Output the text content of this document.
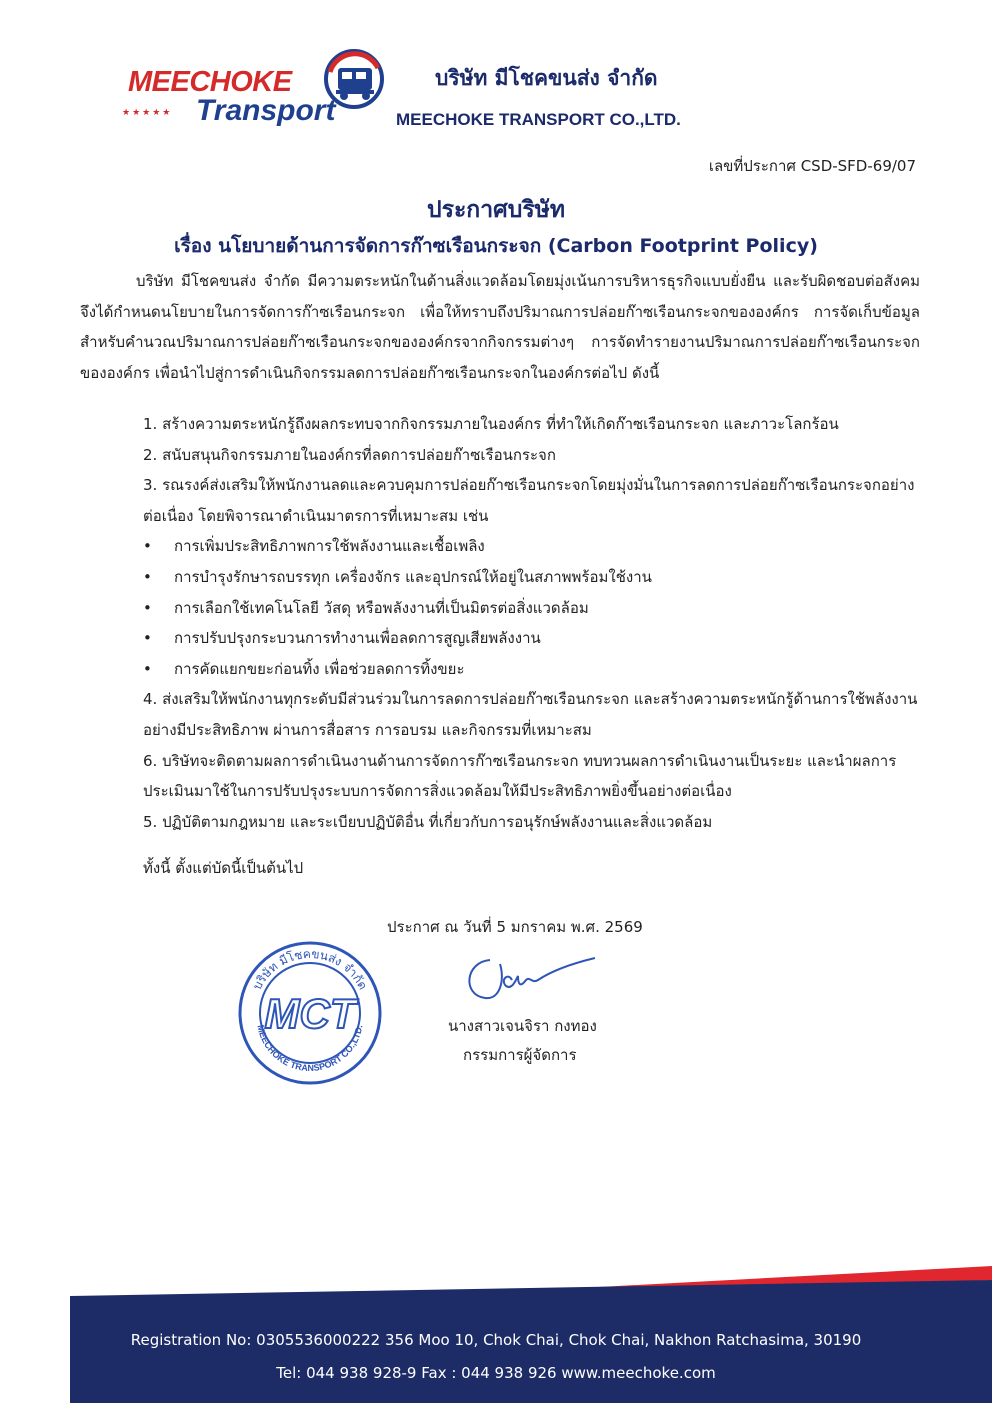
MEECHOKE
★★★★★ Transport
บริษัท มีโชคขนส่ง จำกัด
MEECHOKE TRANSPORT CO.,LTD.
เลขที่ประกาศ CSD-SFD-69/07
ประกาศบริษัท
เรื่อง นโยบายด้านการจัดการก๊าซเรือนกระจก (Carbon Footprint Policy)
บริษัท มีโชคขนส่ง จำกัด มีความตระหนักในด้านสิ่งแวดล้อมโดยมุ่งเน้นการบริหารธุรกิจแบบยั่งยืน และรับผิดชอบต่อสังคม จึงได้กำหนดนโยบายในการจัดการก๊าซเรือนกระจก เพื่อให้ทราบถึงปริมาณการปล่อยก๊าซเรือนกระจกขององค์กร การจัดเก็บข้อมูลสำหรับคำนวณปริมาณการปล่อยก๊าซเรือนกระจกขององค์กรจากกิจกรรมต่างๆ การจัดทำรายงานปริมาณการปล่อยก๊าซเรือนกระจกขององค์กร เพื่อนำไปสู่การดำเนินกิจกรรมลดการปล่อยก๊าซเรือนกระจกในองค์กรต่อไป ดังนี้
1. สร้างความตระหนักรู้ถึงผลกระทบจากกิจกรรมภายในองค์กร ที่ทำให้เกิดก๊าซเรือนกระจก และภาวะโลกร้อน
2. สนับสนุนกิจกรรมภายในองค์กรที่ลดการปล่อยก๊าซเรือนกระจก
3. รณรงค์ส่งเสริมให้พนักงานลดและควบคุมการปล่อยก๊าซเรือนกระจกโดยมุ่งมั่นในการลดการปล่อยก๊าซเรือนกระจกอย่างต่อเนื่อง โดยพิจารณาดำเนินมาตรการที่เหมาะสม เช่น
• การเพิ่มประสิทธิภาพการใช้พลังงานและเชื้อเพลิง
• การบำรุงรักษารถบรรทุก เครื่องจักร และอุปกรณ์ให้อยู่ในสภาพพร้อมใช้งาน
• การเลือกใช้เทคโนโลยี วัสดุ หรือพลังงานที่เป็นมิตรต่อสิ่งแวดล้อม
• การปรับปรุงกระบวนการทำงานเพื่อลดการสูญเสียพลังงาน
• การคัดแยกขยะก่อนทิ้ง เพื่อช่วยลดการทิ้งขยะ
4. ส่งเสริมให้พนักงานทุกระดับมีส่วนร่วมในการลดการปล่อยก๊าซเรือนกระจก และสร้างความตระหนักรู้ด้านการใช้พลังงานอย่างมีประสิทธิภาพ ผ่านการสื่อสาร การอบรม และกิจกรรมที่เหมาะสม
6. บริษัทจะติดตามผลการดำเนินงานด้านการจัดการก๊าซเรือนกระจก ทบทวนผลการดำเนินงานเป็นระยะ และนำผลการประเมินมาใช้ในการปรับปรุงระบบการจัดการสิ่งแวดล้อมให้มีประสิทธิภาพยิ่งขึ้นอย่างต่อเนื่อง
5. ปฏิบัติตามกฎหมาย และระเบียบปฏิบัติอื่น ที่เกี่ยวกับการอนุรักษ์พลังงานและสิ่งแวดล้อม
ทั้งนี้ ตั้งแต่บัดนี้เป็นต้นไป
ประกาศ ณ วันที่ 5 มกราคม พ.ศ. 2569
บริษัท มีโชคขนส่ง จำกัด
MEECHOKE TRANSPORT CO.,LTD.
MCT	นางสาวเจนจิรา กงทอง
กรรมการผู้จัดการ
Registration No: 0305536000222 356 Moo 10, Chok Chai, Chok Chai, Nakhon Ratchasima, 30190
Tel: 044 938 928-9 Fax : 044 938 926 www.meechoke.com
